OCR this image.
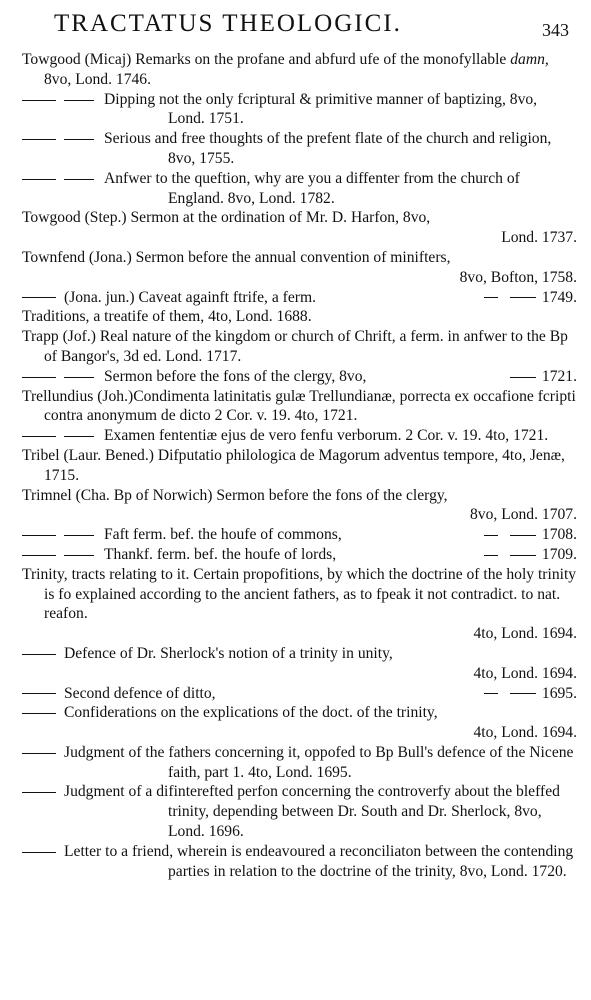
TRACTATUS THEOLOGICI.	343
Towgood (Micaj) Remarks on the profane and abfurd ufe of the monofyllable damn, 8vo, Lond. 1746.
Dipping not the only fcriptural & primitive manner of baptizing, 8vo, Lond. 1751.
Serious and free thoughts of the prefent flate of the church and religion, 8vo, 1755.
Anfwer to the queftion, why are you a diffenter from the church of England. 8vo, Lond. 1782.
Towgood (Step.) Sermon at the ordination of Mr. D. Harfon, 8vo,
Lond. 1737.
Townfend (Jona.) Sermon before the annual convention of minifters,
8vo, Bofton, 1758.
1749.
(Jona. jun.) Caveat againft ftrife, a ferm.
Traditions, a treatife of them, 4to, Lond. 1688.
Trapp (Jof.) Real nature of the kingdom or church of Chrift, a ferm. in anfwer to the Bp of Bangor's, 3d ed. Lond. 1717.
1721.
Sermon before the fons of the clergy, 8vo,
Trellundius (Joh.)Condimenta latinitatis gulæ Trellundianæ, porrecta ex occafione fcripti contra anonymum de dicto 2 Cor. v. 19. 4to, 1721.
Examen fententiæ ejus de vero fenfu verborum. 2 Cor. v. 19. 4to, 1721.
Tribel (Laur. Bened.) Difputatio philologica de Magorum adventus tempore, 4to, Jenæ, 1715.
Trimnel (Cha. Bp of Norwich) Sermon before the fons of the clergy,
8vo, Lond. 1707.
1708.
Faft ferm. bef. the houfe of commons,
1709.
Thankf. ferm. bef. the houfe of lords,
Trinity, tracts relating to it. Certain propofitions, by which the doctrine of the holy trinity is fo explained according to the ancient fathers, as to fpeak it not contradict. to nat. reafon.
4to, Lond. 1694.
Defence of Dr. Sherlock's notion of a trinity in unity,
4to, Lond. 1694.
1695.
Second defence of ditto,
Confiderations on the explications of the doct. of the trinity,
4to, Lond. 1694.
Judgment of the fathers concerning it, oppofed to Bp Bull's defence of the Nicene faith, part 1. 4to, Lond. 1695.
Judgment of a difinterefted perfon concerning the controverfy about the bleffed trinity, depending between Dr. South and Dr. Sherlock, 8vo, Lond. 1696.
Letter to a friend, wherein is endeavoured a reconciliaton between the contending parties in relation to the doctrine of the trinity, 8vo, Lond. 1720.
